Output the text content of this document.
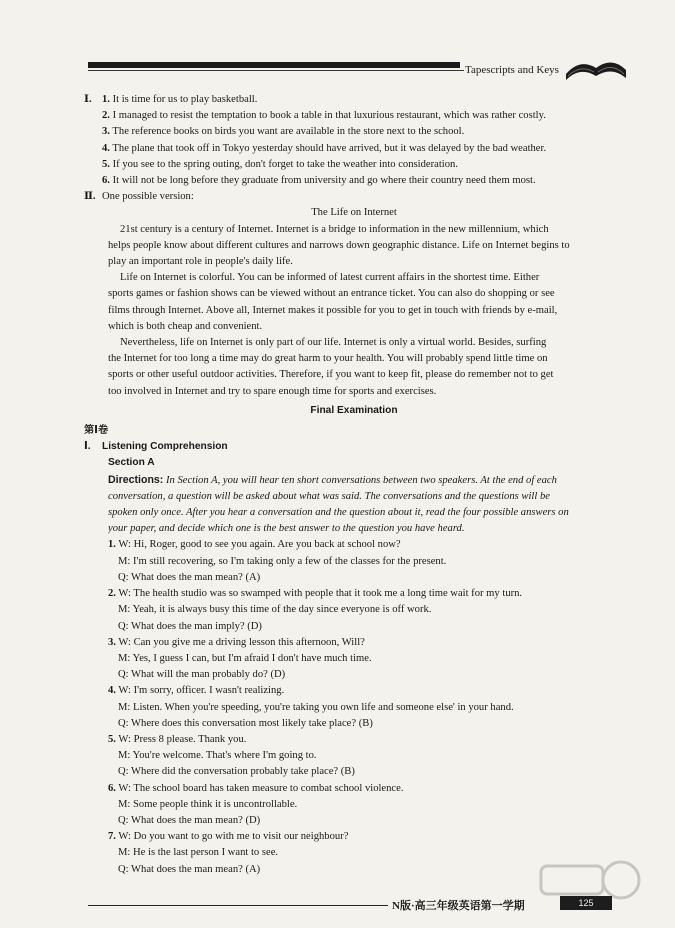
Tapescripts and Keys
Ⅰ. 1. It is time for us to play basketball.
2. I managed to resist the temptation to book a table in that luxurious restaurant, which was rather costly.
3. The reference books on birds you want are available in the store next to the school.
4. The plane that took off in Tokyo yesterday should have arrived, but it was delayed by the bad weather.
5. If you see to the spring outing, don't forget to take the weather into consideration.
6. It will not be long before they graduate from university and go where their country need them most.
Ⅱ. One possible version:
The Life on Internet
21st century is a century of Internet. Internet is a bridge to information in the new millennium, which
helps people know about different cultures and narrows down geographic distance. Life on Internet begins to
play an important role in people's daily life.
Life on Internet is colorful. You can be informed of latest current affairs in the shortest time. Either
sports games or fashion shows can be viewed without an entrance ticket. You can also do shopping or see
films through Internet. Above all, Internet makes it possible for you to get in touch with friends by e-mail,
which is both cheap and convenient.
Nevertheless, life on Internet is only part of our life. Internet is only a virtual world. Besides, surfing
the Internet for too long a time may do great harm to your health. You will probably spend little time on
sports or other useful outdoor activities. Therefore, if you want to keep fit, please do remember not to get
too involved in Internet and try to spare enough time for sports and exercises.
Final Examination
第Ⅰ卷
Ⅰ. Listening Comprehension
Section A
Directions: In Section A, you will hear ten short conversations between two speakers. At the end of each
conversation, a question will be asked about what was said. The conversations and the questions will be
spoken only once. After you hear a conversation and the question about it, read the four possible answers on
your paper, and decide which one is the best answer to the question you have heard.
1. W: Hi, Roger, good to see you again. Are you back at school now?
M: I'm still recovering, so I'm taking only a few of the classes for the present.
Q: What does the man mean? (A)
2. W: The health studio was so swamped with people that it took me a long time wait for my turn.
M: Yeah, it is always busy this time of the day since everyone is off work.
Q: What does the man imply? (D)
3. W: Can you give me a driving lesson this afternoon, Will?
M: Yes, I guess I can, but I'm afraid I don't have much time.
Q: What will the man probably do? (D)
4. W: I'm sorry, officer. I wasn't realizing.
M: Listen. When you're speeding, you're taking you own life and someone else' in your hand.
Q: Where does this conversation most likely take place? (B)
5. W: Press 8 please. Thank you.
M: You're welcome. That's where I'm going to.
Q: Where did the conversation probably take place? (B)
6. W: The school board has taken measure to combat school violence.
M: Some people think it is uncontrollable.
Q: What does the man mean? (D)
7. W: Do you want to go with me to visit our neighbour?
M: He is the last person I want to see.
Q: What does the man mean? (A)
N版·高三年级英语第一学期	125
